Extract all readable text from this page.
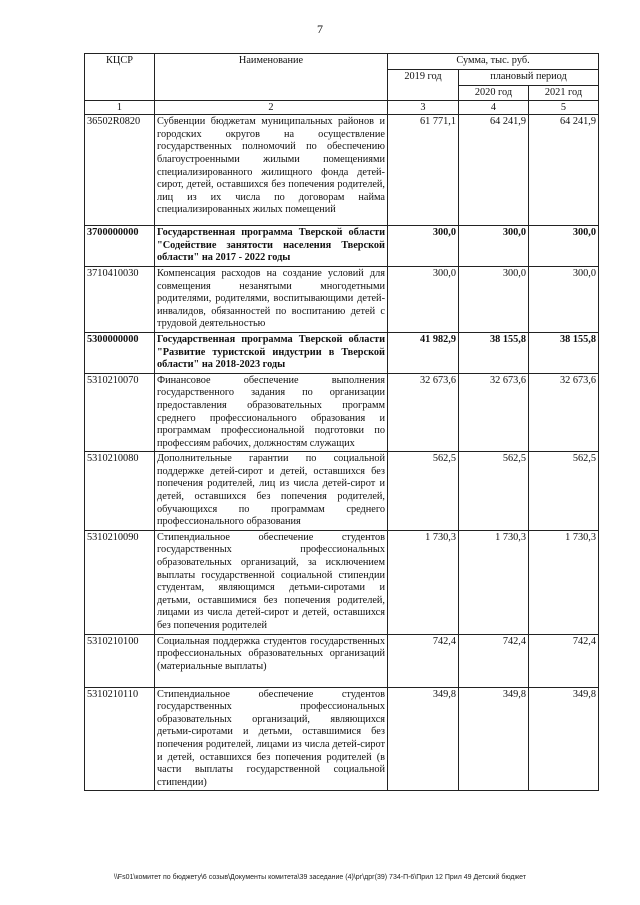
7
КЦСР	Наименование	Сумма, тыс. руб.		
		2019 год	плановый период	
			2020 год	2021 год
1	2	3	4	5
36502R0820	Субвенции бюджетам муниципальных районов и городских округов на осуществление государственных полномочий по обеспечению благоустроенными жилыми помещениями специализированного жилищного фонда детей-сирот, детей, оставшихся без попечения родителей, лиц из их числа по договорам найма специализированных жилых помещений	61 771,1	64 241,9	64 241,9
3700000000	Государственная программа Тверской области "Содействие занятости населения Тверской области" на 2017 - 2022 годы	300,0	300,0	300,0
3710410030	Компенсация расходов на создание условий для совмещения незанятыми многодетными родителями, родителями, воспитывающими детей-инвалидов, обязанностей по воспитанию детей с трудовой деятельностью	300,0	300,0	300,0
5300000000	Государственная программа Тверской области "Развитие туристской индустрии в Тверской области" на 2018-2023 годы	41 982,9	38 155,8	38 155,8
5310210070	Финансовое обеспечение выполнения государственного задания по организации предоставления образовательных программ среднего профессионального образования и программам профессиональной подготовки по профессиям рабочих, должностям служащих	32 673,6	32 673,6	32 673,6
5310210080	Дополнительные гарантии по социальной поддержке детей-сирот и детей, оставшихся без попечения родителей, лиц из числа детей-сирот и детей, оставшихся без попечения родителей, обучающихся по программам среднего профессионального образования	562,5	562,5	562,5
5310210090	Стипендиальное обеспечение студентов государственных профессиональных образовательных организаций, за исключением выплаты государственной социальной стипендии студентам, являющимся детьми-сиротами и детьми, оставшимися без попечения родителей, лицами из числа детей-сирот и детей, оставшихся без попечения родителей	1 730,3	1 730,3	1 730,3
5310210100	Социальная поддержка студентов государственных профессиональных образовательных организаций (материальные выплаты)	742,4	742,4	742,4
5310210110	Стипендиальное обеспечение студентов государственных профессиональных образовательных организаций, являющихся детьми-сиротами и детьми, оставшимися без попечения родителей, лицами из числа детей-сирот и детей, оставшихся без попечения родителей (в части выплаты государственной социальной стипендии)	349,8	349,8	349,8
\\Fs01\комитет по бюджету\6 созыв\Документы комитета\39 заседание (4)\рг\дрг(39) 734-П-6\Прил 12 Прил 49 Детский бюджет
